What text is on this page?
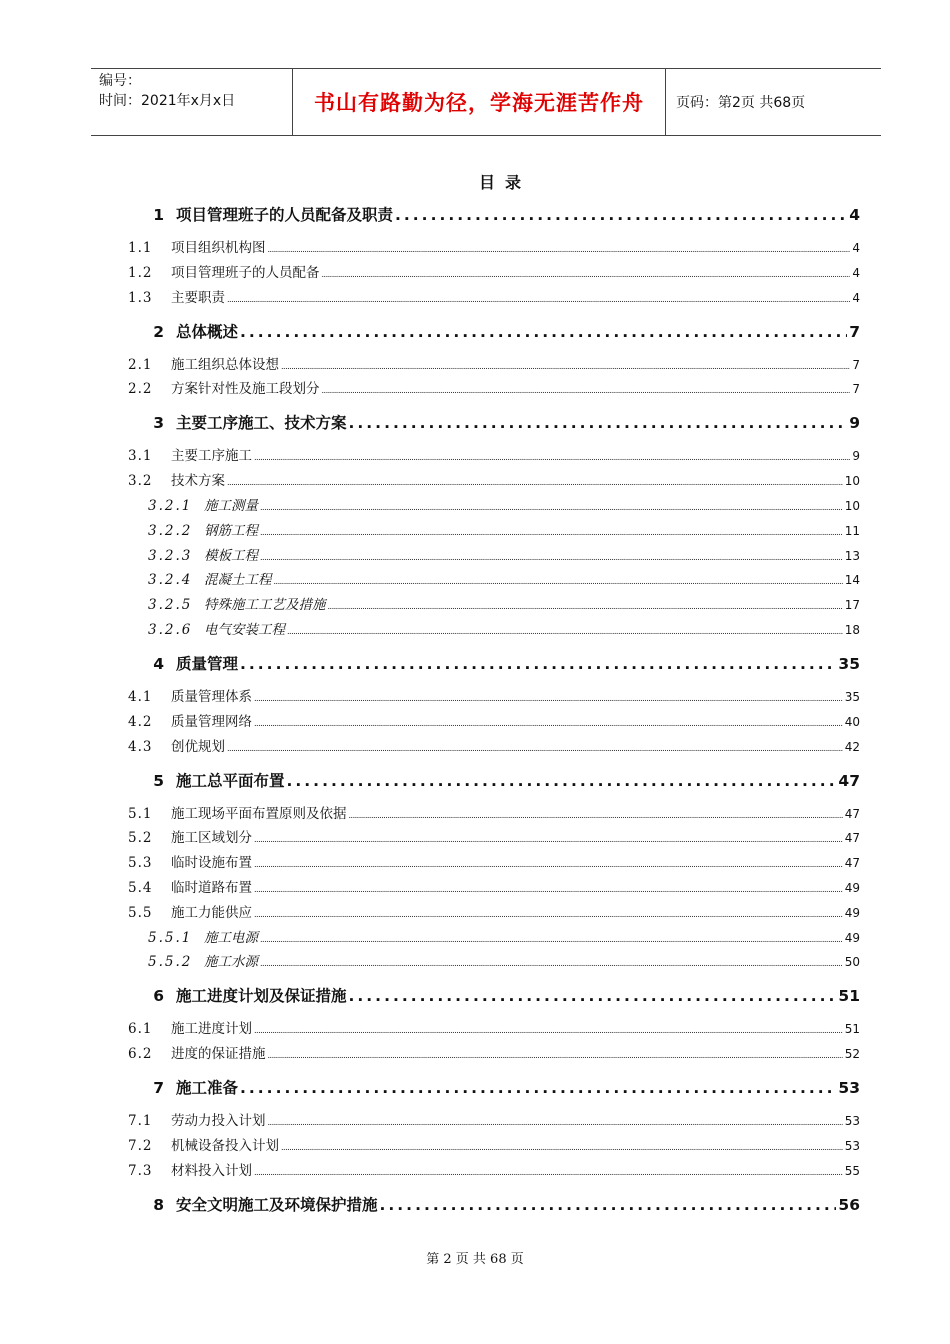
编号：
时间：2021年x月x日	书山有路勤为径，学海无涯苦作舟 页码：第2页 共68页
目录
1 项目管理班子的人员配备及职责 .....	4
1.1	项目组织机构图 .....	4
1.2	项目管理班子的人员配备 .....	4
1.3	主要职责 .....	4
2 总体概述 .....	7
2.1	施工组织总体设想 .....	7
2.2	方案针对性及施工段划分 .....	7
3 主要工序施工、技术方案 .....	9
3.1	主要工序施工 .....	9
3.2	技术方案 .....	10
3.2.1 施工测量 .....	10
3.2.2 钢筋工程 .....	11
3.2.3 模板工程 .....	13
3.2.4 混凝土工程 .....	14
3.2.5 特殊施工工艺及措施 .....	17
3.2.6 电气安装工程 .....	18
4 质量管理 .....	35
4.1	质量管理体系 .....	35
4.2	质量管理网络 .....	40
4.3	创优规划 .....	42
5 施工总平面布置 .....	47
5.1	施工现场平面布置原则及依据 .....	47
5.2	施工区域划分 .....	47
5.3	临时设施布置 .....	47
5.4	临时道路布置 .....	49
5.5	施工力能供应 .....	49
5.5.1 施工电源 .....	49
5.5.2 施工水源 .....	50
6 施工进度计划及保证措施 .....	51
6.1	施工进度计划 .....	51
6.2	进度的保证措施 .....	52
7 施工准备 .....	53
7.1	劳动力投入计划 .....	53
7.2	机械设备投入计划 .....	53
7.3	材料投入计划 .....	55
8 安全文明施工及环境保护措施 .....	56
第 2 页 共 68 页
